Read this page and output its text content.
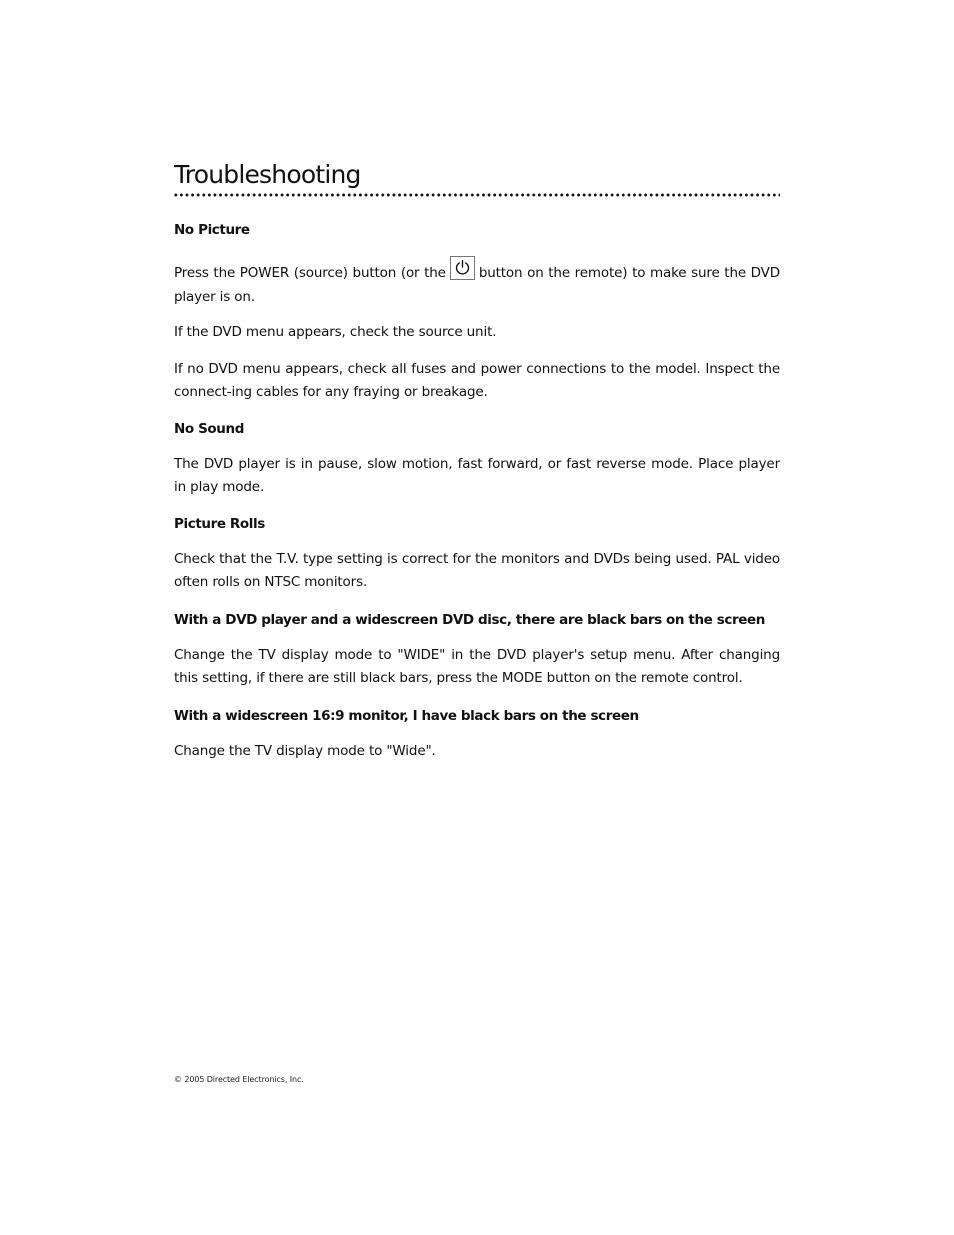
Troubleshooting
No Picture

Press the POWER (source) button (or the button on the remote) to make sure the DVD player is on.

If the DVD menu appears, check the source unit.

If no DVD menu appears, check all fuses and power connections to the model. Inspect the connect-ing cables for any fraying or breakage.

No Sound

The DVD player is in pause, slow motion, fast forward, or fast reverse mode. Place player in play mode.

Picture Rolls

Check that the T.V. type setting is correct for the monitors and DVDs being used. PAL video often rolls on NTSC monitors.

With a DVD player and a widescreen DVD disc, there are black bars on the screen

Change the TV display mode to "WIDE" in the DVD player's setup menu. After changing this setting, if there are still black bars, press the MODE button on the remote control.

With a widescreen 16:9 monitor, I have black bars on the screen

Change the TV display mode to "Wide".

© 2005 Directed Electronics, Inc.
